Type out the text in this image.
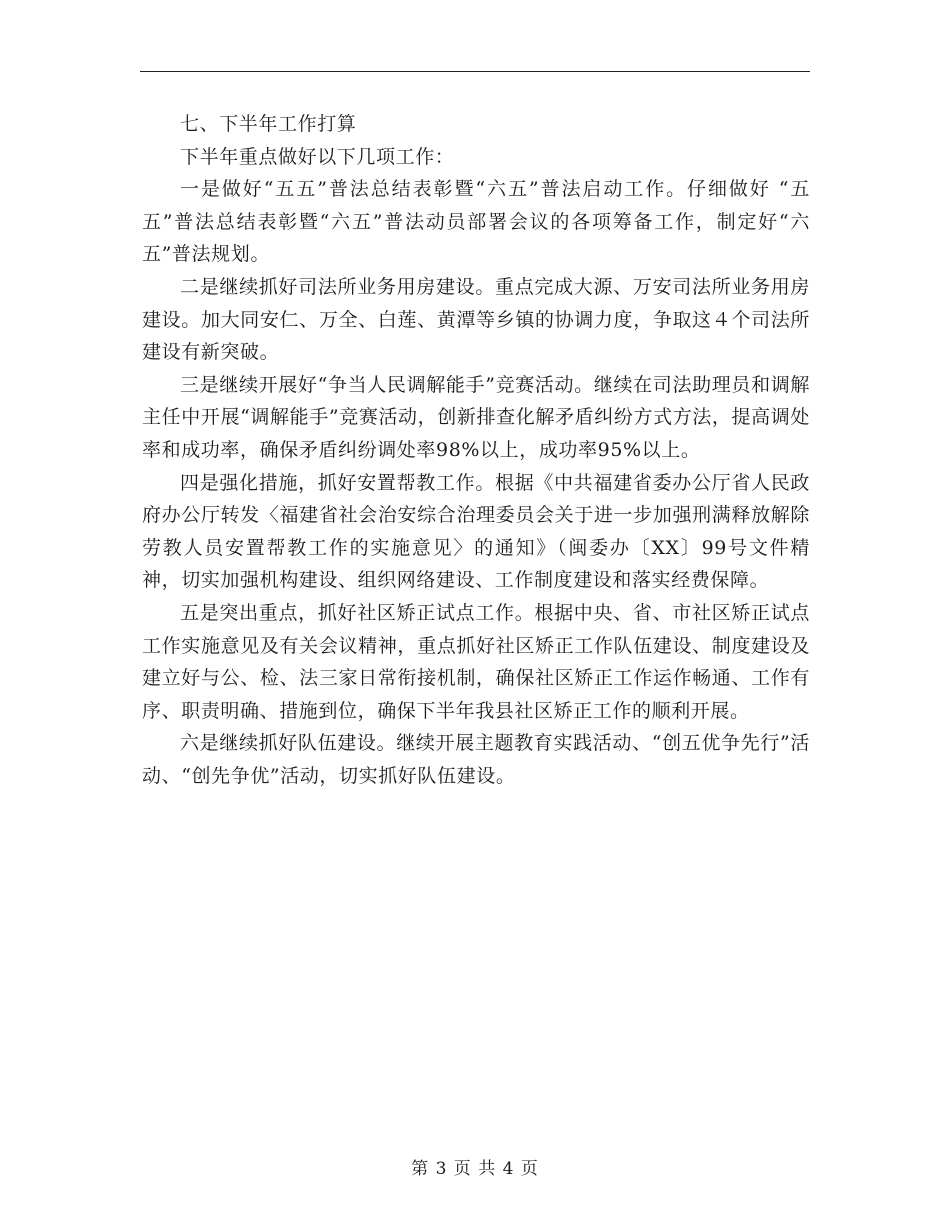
七、下半年工作打算

下半年重点做好以下几项工作：

一是做好“五五”普法总结表彰暨“六五”普法启动工作。仔细做好 “五五”普法总结表彰暨“六五”普法动员部署会议的各项筹备工作，制定好“六五”普法规划。

二是继续抓好司法所业务用房建设。重点完成大源、万安司法所业务用房建设。加大同安仁、万全、白莲、黄潭等乡镇的协调力度，争取这４个司法所建设有新突破。

三是继续开展好“争当人民调解能手”竞赛活动。继续在司法助理员和调解主任中开展“调解能手”竞赛活动，创新排查化解矛盾纠纷方式方法，提高调处率和成功率，确保矛盾纠纷调处率98%以上，成功率95%以上。

四是强化措施，抓好安置帮教工作。根据《中共福建省委办公厅省人民政府办公厅转发〈福建省社会治安综合治理委员会关于进一步加强刑满释放解除劳教人员安置帮教工作的实施意见〉的通知》（闽委办〔XX〕99号文件精神，切实加强机构建设、组织网络建设、工作制度建设和落实经费保障。

五是突出重点，抓好社区矫正试点工作。根据中央、省、市社区矫正试点工作实施意见及有关会议精神，重点抓好社区矫正工作队伍建设、制度建设及建立好与公、检、法三家日常衔接机制，确保社区矫正工作运作畅通、工作有序、职责明确、措施到位，确保下半年我县社区矫正工作的顺利开展。

六是继续抓好队伍建设。继续开展主题教育实践活动、“创五优争先行”活动、“创先争优”活动，切实抓好队伍建设。

第 3 页 共 4 页
